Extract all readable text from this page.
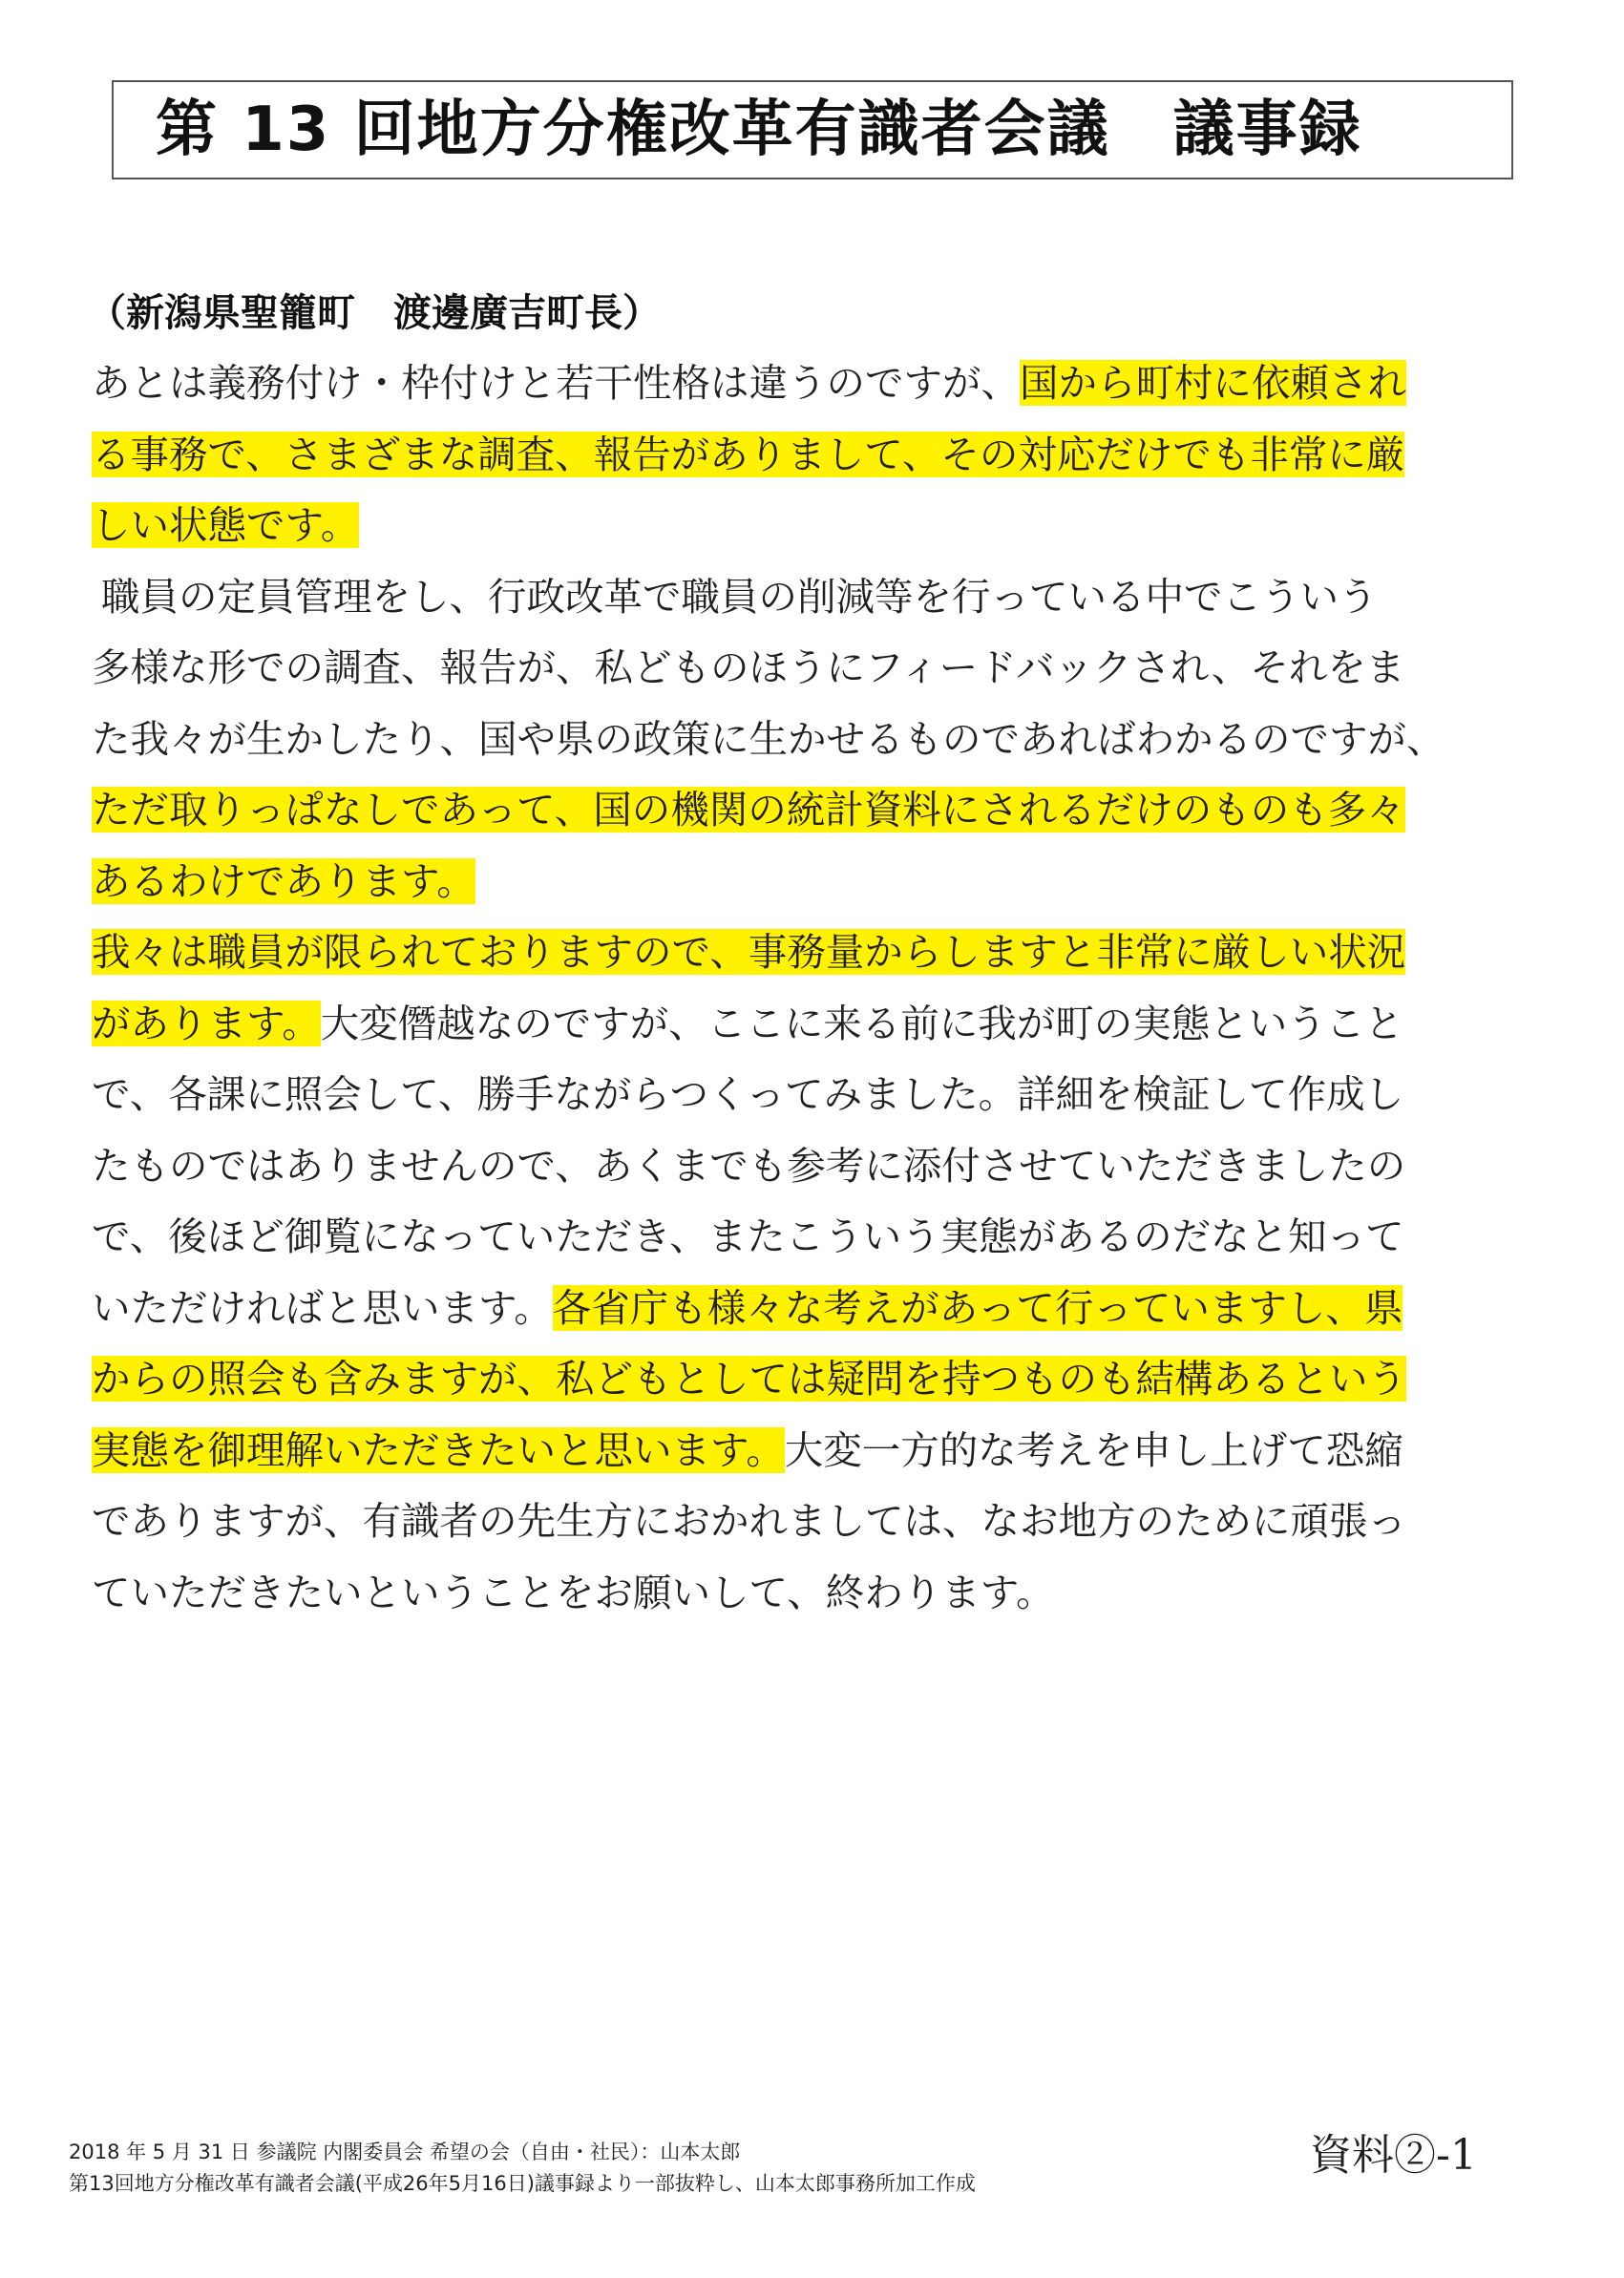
第 13 回地方分権改革有識者会議　議事録
（新潟県聖籠町　渡邊廣吉町長）
あとは義務付け・枠付けと若干性格は違うのですが、国から町村に依頼され
る事務で、さまざまな調査、報告がありまして、その対応だけでも非常に厳
しい状態です。
職員の定員管理をし、行政改革で職員の削減等を行っている中でこういう
多様な形での調査、報告が、私どものほうにフィードバックされ、それをま
た我々が生かしたり、国や県の政策に生かせるものであればわかるのですが、
ただ取りっぱなしであって、国の機関の統計資料にされるだけのものも多々
あるわけであります。
我々は職員が限られておりますので、事務量からしますと非常に厳しい状況
があります。大変僭越なのですが、ここに来る前に我が町の実態ということ
で、各課に照会して、勝手ながらつくってみました。詳細を検証して作成し
たものではありませんので、あくまでも参考に添付させていただきましたの
で、後ほど御覧になっていただき、またこういう実態があるのだなと知って
いただければと思います。各省庁も様々な考えがあって行っていますし、県
からの照会も含みますが、私どもとしては疑問を持つものも結構あるという
実態を御理解いただきたいと思います。大変一方的な考えを申し上げて恐縮
でありますが、有識者の先生方におかれましては、なお地方のために頑張っ
ていただきたいということをお願いして、終わります。
2018 年 5 月 31 日 参議院 内閣委員会 希望の会（自由・社民）：山本太郎
第13回地方分権改革有識者会議(平成26年5月16日)議事録より一部抜粋し、山本太郎事務所加工作成
資料②-1
